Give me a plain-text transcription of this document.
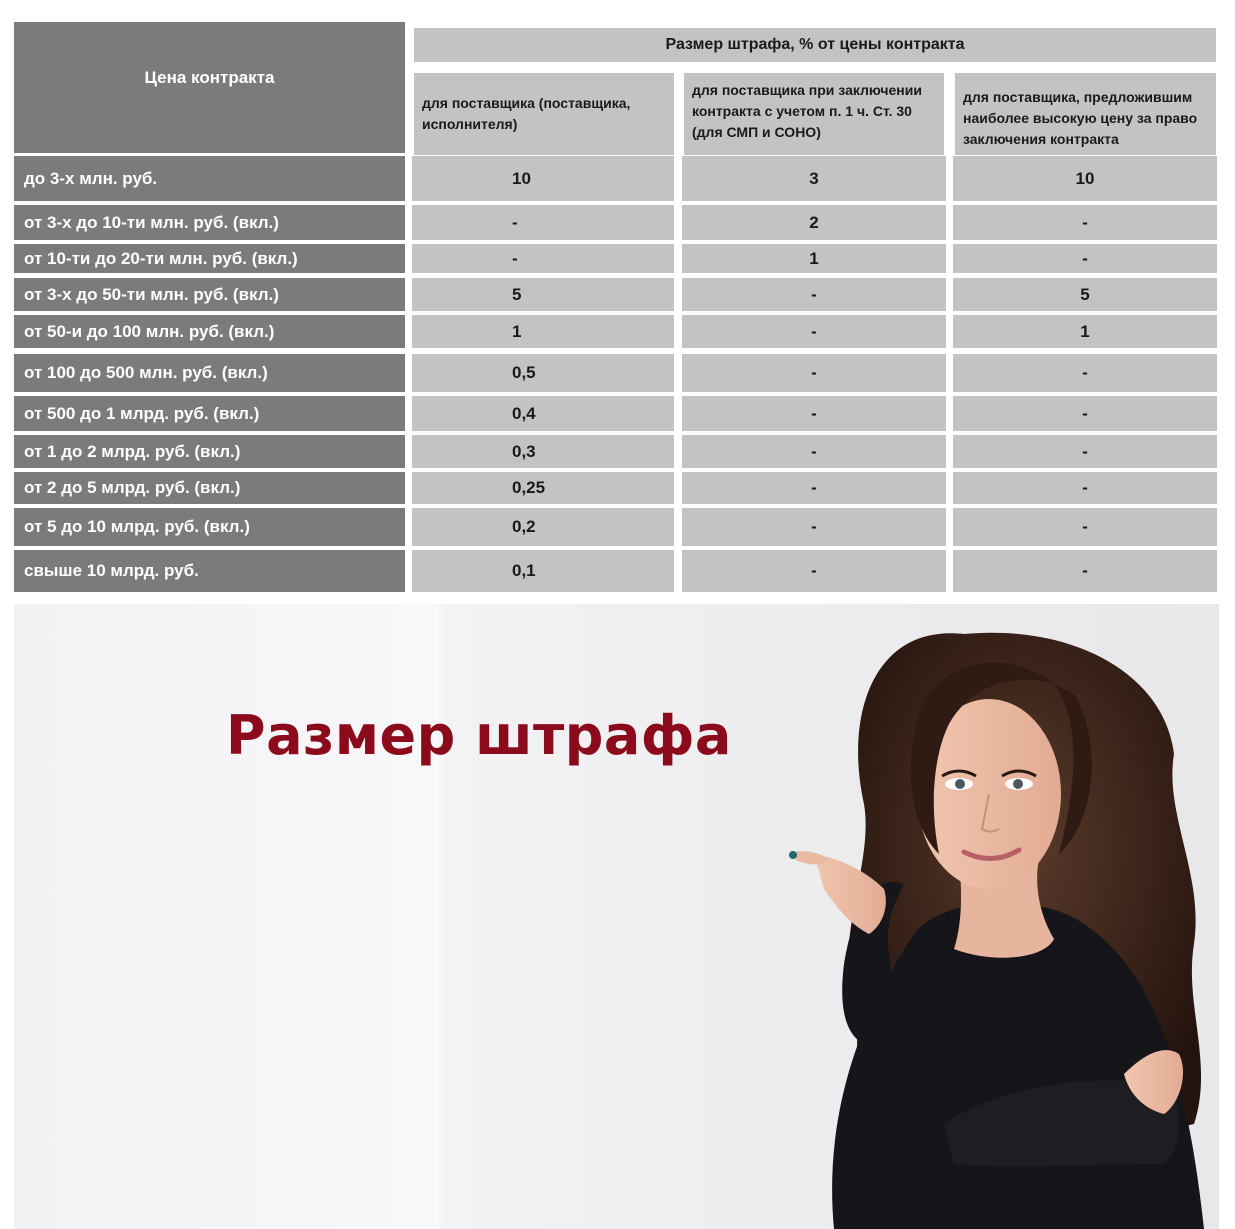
Цена контракта
Размер штрафа, % от цены контракта
для поставщика (поставщика, исполнителя)
для поставщика при заключении контракта с учетом п. 1 ч. Ст. 30 (для СМП и СОНО)
для поставщика, предложившим наиболее высокую цену за право заключения контракта
до 3-х млн. руб.	10	3	10
от 3-х до 10-ти млн. руб. (вкл.)	-	2	-
от 10-ти до 20-ти млн. руб. (вкл.)	-	1	-
от 3-х до 50-ти млн. руб. (вкл.)	5	-	5
от 50-и до 100 млн. руб. (вкл.)	1	-	1
от 100 до 500 млн. руб. (вкл.)	0,5	-	-
от 500 до 1 млрд. руб. (вкл.)	0,4	-	-
от 1 до 2 млрд. руб. (вкл.)	0,3	-	-
от 2 до 5 млрд. руб. (вкл.)	0,25	-	-
от 5 до 10 млрд. руб. (вкл.)	0,2	-	-
свыше 10 млрд. руб.	0,1	-	-
Размер штрафа
